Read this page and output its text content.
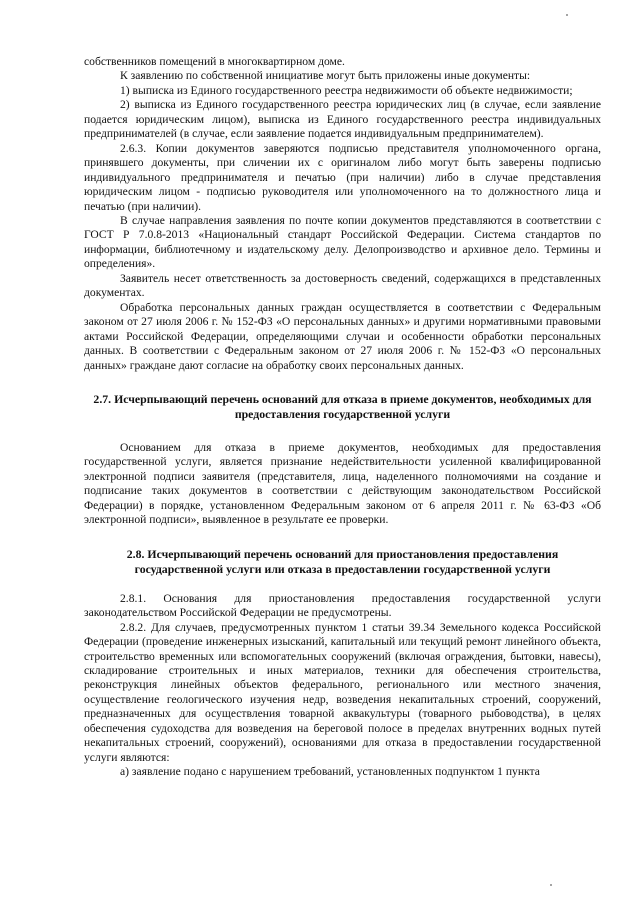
собственников помещений в многоквартирном доме.

К заявлению по собственной инициативе могут быть приложены иные документы:

1) выписка из Единого государственного реестра недвижимости об объекте недвижимости;

2) выписка из Единого государственного реестра юридических лиц (в случае, если заявление подается юридическим лицом), выписка из Единого государственного реестра индивидуальных предпринимателей (в случае, если заявление подается индивидуальным предпринимателем).

2.6.3. Копии документов заверяются подписью представителя уполномоченного органа, принявшего документы, при сличении их с оригиналом либо могут быть заверены подписью индивидуального предпринимателя и печатью (при наличии) либо в случае представления юридическим лицом - подписью руководителя или уполномоченного на то должностного лица и печатью (при наличии).

В случае направления заявления по почте копии документов представляются в соответствии с ГОСТ Р 7.0.8-2013 «Национальный стандарт Российской Федерации. Система стандартов по информации, библиотечному и издательскому делу. Делопроизводство и архивное дело. Термины и определения».

Заявитель несет ответственность за достоверность сведений, содержащихся в представленных документах.

Обработка персональных данных граждан осуществляется в соответствии с Федеральным законом от 27 июля 2006 г. № 152-ФЗ «О персональных данных» и другими нормативными правовыми актами Российской Федерации, определяющими случаи и особенности обработки персональных данных. В соответствии с Федеральным законом от 27 июля 2006 г. № 152-ФЗ «О персональных данных» граждане дают согласие на обработку своих персональных данных.

2.7. Исчерпывающий перечень оснований для отказа в приеме документов, необходимых для предоставления государственной услуги

Основанием для отказа в приеме документов, необходимых для предоставления государственной услуги, является признание недействительности усиленной квалифицированной электронной подписи заявителя (представителя, лица, наделенного полномочиями на создание и подписание таких документов в соответствии с действующим законодательством Российской Федерации) в порядке, установленном Федеральным законом от 6 апреля 2011 г. № 63-ФЗ «Об электронной подписи», выявленное в результате ее проверки.

2.8. Исчерпывающий перечень оснований для приостановления предоставления государственной услуги или отказа в предоставлении государственной услуги

2.8.1. Основания для приостановления предоставления государственной услуги законодательством Российской Федерации не предусмотрены.

2.8.2. Для случаев, предусмотренных пунктом 1 статьи 39.34 Земельного кодекса Российской Федерации (проведение инженерных изысканий, капитальный или текущий ремонт линейного объекта, строительство временных или вспомогательных сооружений (включая ограждения, бытовки, навесы), складирование строительных и иных материалов, техники для обеспечения строительства, реконструкция линейных объектов федерального, регионального или местного значения, осуществление геологического изучения недр, возведения некапитальных строений, сооружений, предназначенных для осуществления товарной аквакультуры (товарного рыбоводства), в целях обеспечения судоходства для возведения на береговой полосе в пределах внутренних водных путей некапитальных строений, сооружений), основаниями для отказа в предоставлении государственной услуги являются:

а) заявление подано с нарушением требований, установленных подпунктом 1 пункта
